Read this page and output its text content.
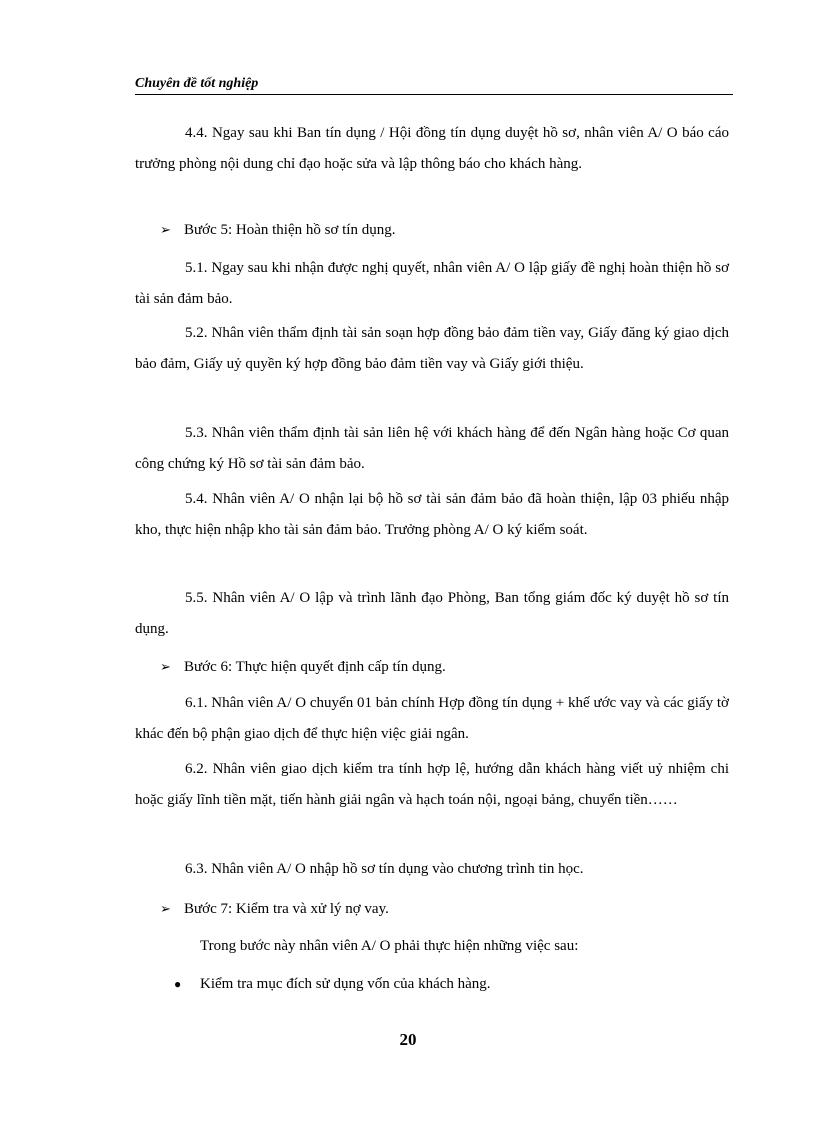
Chuyên đề tốt nghiệp
4.4. Ngay sau khi Ban tín dụng / Hội đồng tín dụng duyệt hồ sơ, nhân viên A/ O báo cáo trưởng phòng nội dung chỉ đạo hoặc sửa và lập thông báo cho khách hàng.
➢ Bước 5: Hoàn thiện hồ sơ tín dụng.
5.1. Ngay sau khi nhận được nghị quyết, nhân viên A/ O lập giấy đề nghị hoàn thiện hồ sơ tài sản đảm bảo.
5.2. Nhân viên thẩm định tài sản soạn hợp đồng bảo đảm tiền vay, Giấy đăng ký giao dịch bảo đảm, Giấy uỷ quyền ký hợp đồng bảo đảm tiền vay và Giấy giới thiệu.
5.3. Nhân viên thẩm định tài sản liên hệ với khách hàng để đến Ngân hàng hoặc Cơ quan công chứng ký Hồ sơ tài sản đảm bảo.
5.4. Nhân viên A/ O nhận lại bộ hồ sơ tài sản đảm bảo đã hoàn thiện, lập 03 phiếu nhập kho, thực hiện nhập kho tài sản đảm bảo. Trưởng phòng A/ O ký kiểm soát.
5.5. Nhân viên A/ O lập và trình lãnh đạo Phòng, Ban tổng giám đốc ký duyệt hồ sơ tín dụng.
➢ Bước 6: Thực hiện quyết định cấp tín dụng.
6.1. Nhân viên A/ O chuyển 01 bản chính Hợp đồng tín dụng + khế ước vay và các giấy tờ khác đến bộ phận giao dịch để thực hiện việc giải ngân.
6.2. Nhân viên giao dịch kiểm tra tính hợp lệ, hướng dẫn khách hàng viết uỷ nhiệm chi hoặc giấy lĩnh tiền mặt, tiến hành giải ngân và hạch toán nội, ngoại bảng, chuyển tiền……
6.3. Nhân viên A/ O nhập hồ sơ tín dụng vào chương trình tin học.
➢ Bước 7: Kiểm tra và xử lý nợ vay.
Trong bước này nhân viên A/ O phải thực hiện những việc sau:
● Kiểm tra mục đích sử dụng vốn của khách hàng.
20
